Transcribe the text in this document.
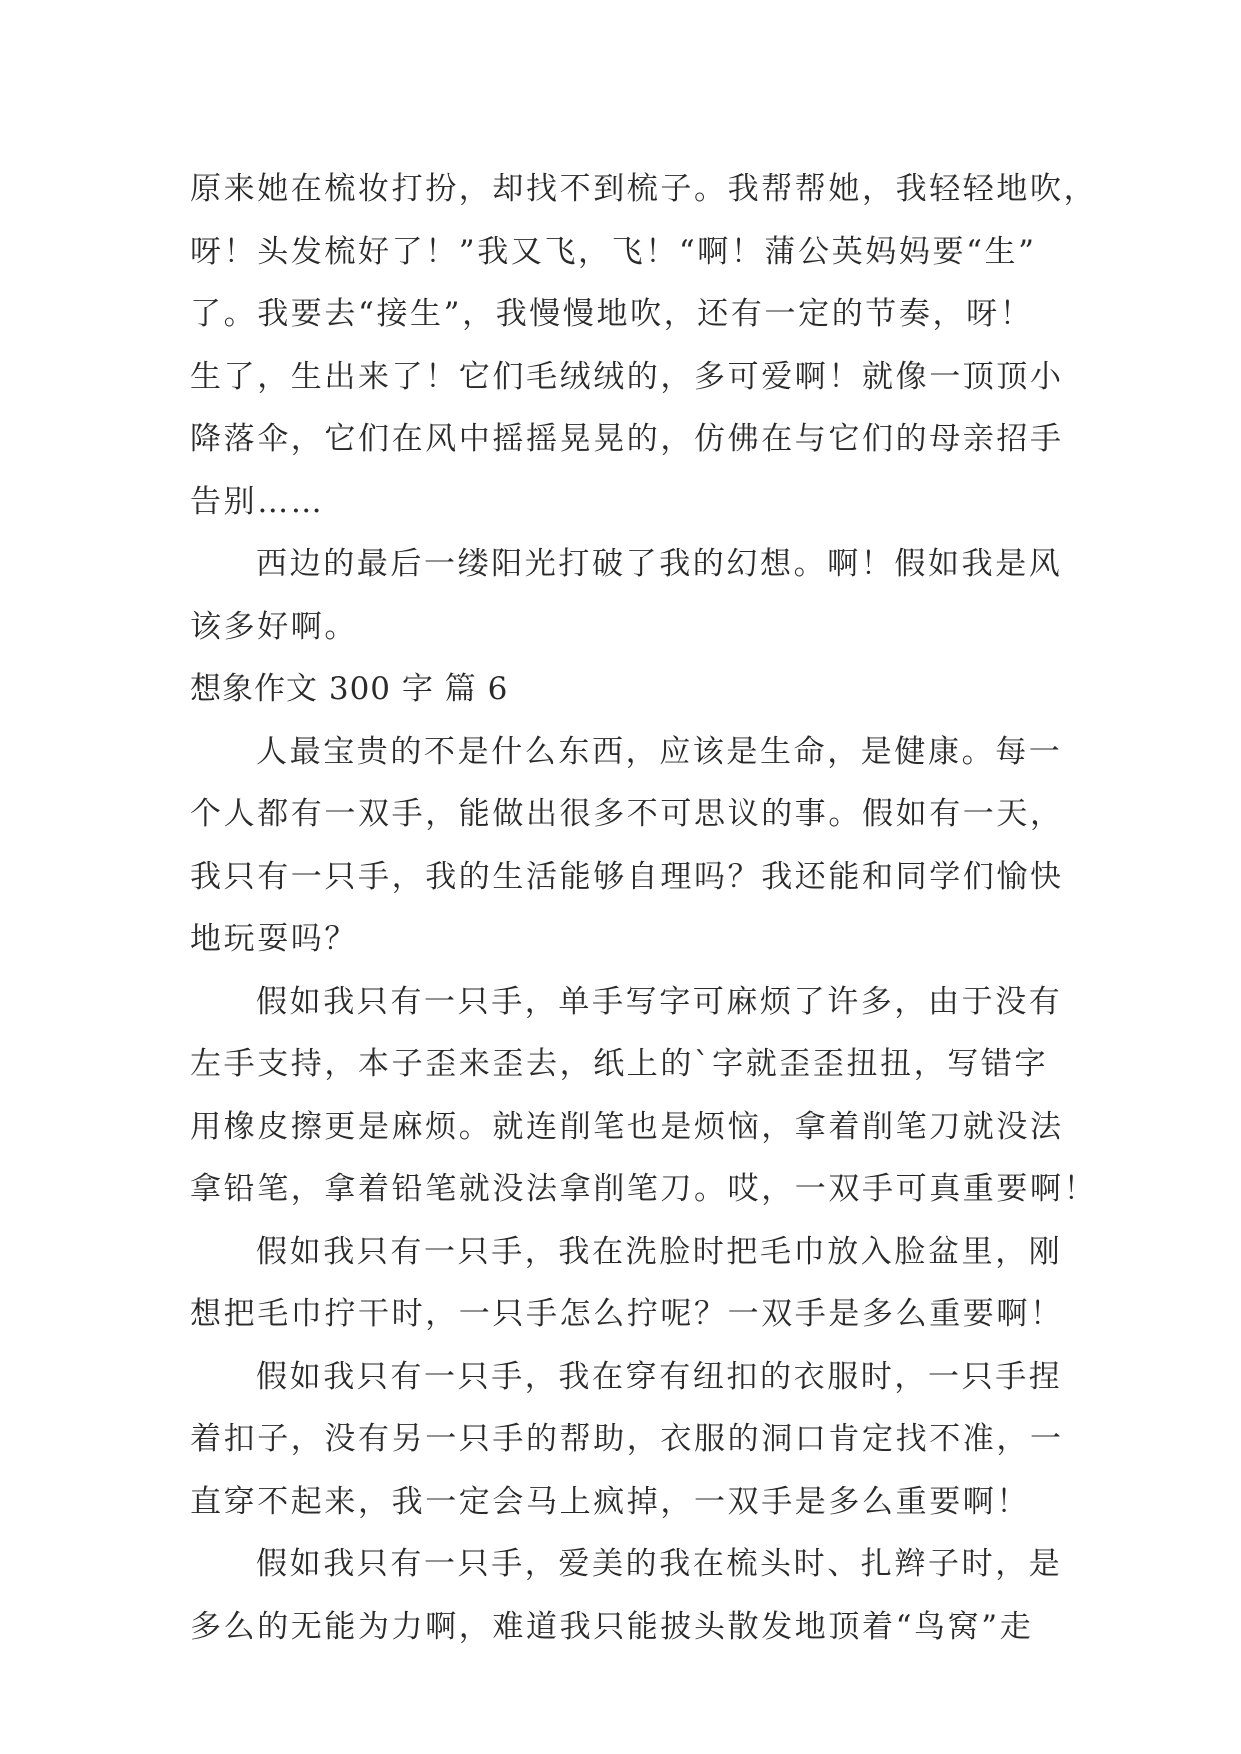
原来她在梳妆打扮，却找不到梳子。我帮帮她，我轻轻地吹，
呀！头发梳好了！”我又飞，飞！“啊！蒲公英妈妈要“生”
了。我要去“接生”，我慢慢地吹，还有一定的节奏，呀！
生了，生出来了！它们毛绒绒的，多可爱啊！就像一顶顶小
降落伞，它们在风中摇摇晃晃的，仿佛在与它们的母亲招手
告别……
西边的最后一缕阳光打破了我的幻想。啊！假如我是风
该多好啊。
想象作文 300 字 篇 6
人最宝贵的不是什么东西，应该是生命，是健康。每一
个人都有一双手，能做出很多不可思议的事。假如有一天，
我只有一只手，我的生活能够自理吗？我还能和同学们愉快
地玩耍吗？
假如我只有一只手，单手写字可麻烦了许多，由于没有
左手支持，本子歪来歪去，纸上的`字就歪歪扭扭，写错字
用橡皮擦更是麻烦。就连削笔也是烦恼，拿着削笔刀就没法
拿铅笔，拿着铅笔就没法拿削笔刀。哎，一双手可真重要啊！
假如我只有一只手，我在洗脸时把毛巾放入脸盆里，刚
想把毛巾拧干时，一只手怎么拧呢？一双手是多么重要啊！
假如我只有一只手，我在穿有纽扣的衣服时，一只手捏
着扣子，没有另一只手的帮助，衣服的洞口肯定找不准，一
直穿不起来，我一定会马上疯掉，一双手是多么重要啊！
假如我只有一只手，爱美的我在梳头时、扎辫子时，是
多么的无能为力啊，难道我只能披头散发地顶着“鸟窝”走
